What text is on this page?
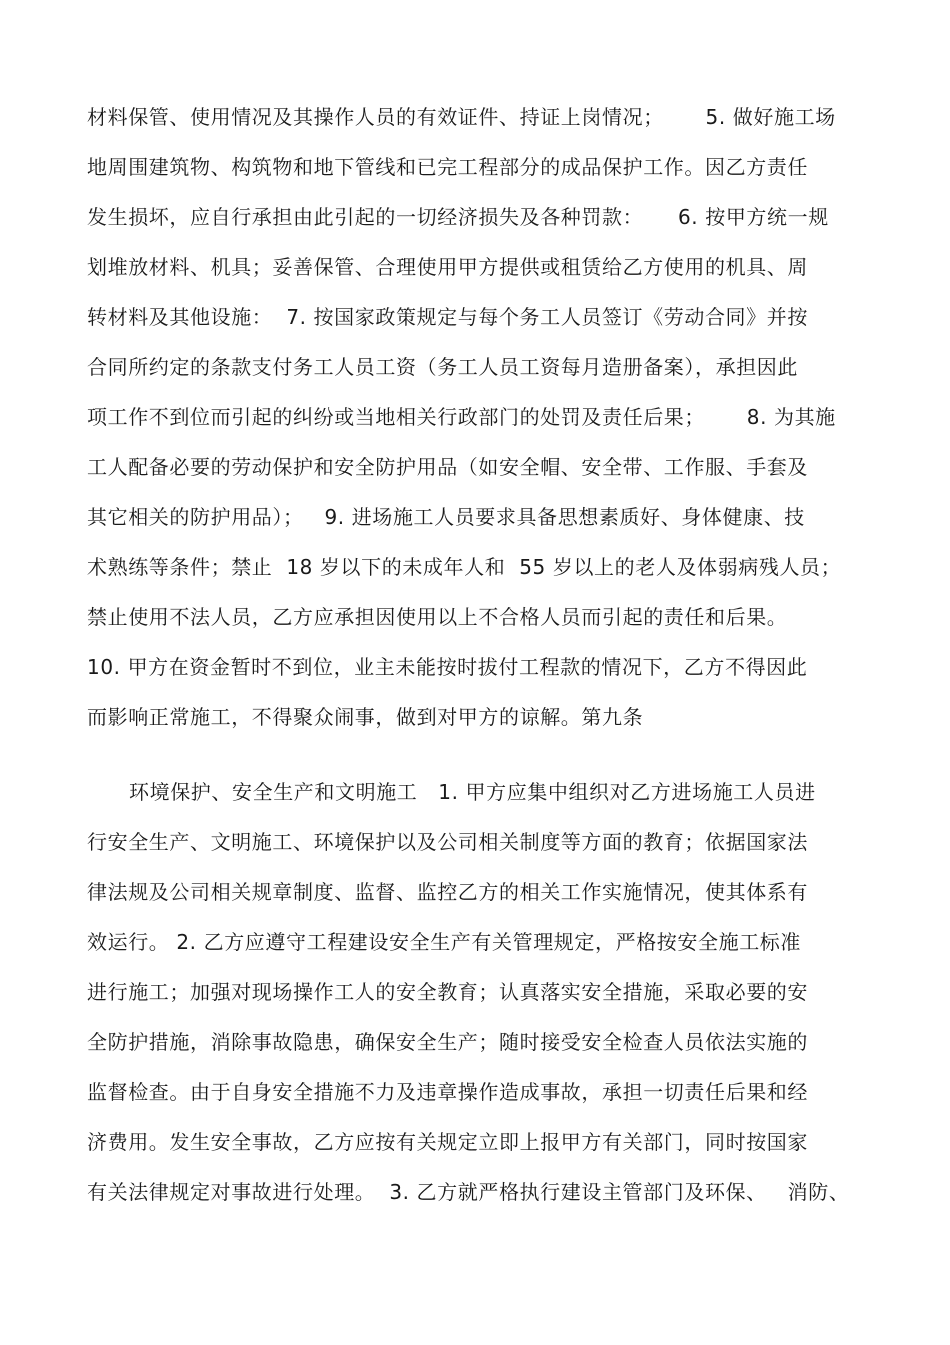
材料保管、使用情况及其操作人员的有效证件、持证上岗情况；      5. 做好施工场
地周围建筑物、构筑物和地下管线和已完工程部分的成品保护工作。因乙方责任
发生损坏，应自行承担由此引起的一切经济损失及各种罚款：     6. 按甲方统一规
划堆放材料、机具；妥善保管、合理使用甲方提供或租赁给乙方使用的机具、周
转材料及其他设施：  7. 按国家政策规定与每个务工人员签订《劳动合同》并按
合同所约定的条款支付务工人员工资（务工人员工资每月造册备案），承担因此
项工作不到位而引起的纠纷或当地相关行政部门的处罚及责任后果；      8. 为其施
工人配备必要的劳动保护和安全防护用品（如安全帽、安全带、工作服、手套及
其它相关的防护用品）；   9. 进场施工人员要求具备思想素质好、身体健康、技
术熟练等条件；禁止  18 岁以下的未成年人和  55 岁以上的老人及体弱病残人员；
禁止使用不法人员，乙方应承担因使用以上不合格人员而引起的责任和后果。
10. 甲方在资金暂时不到位，业主未能按时拔付工程款的情况下，乙方不得因此
而影响正常施工，不得聚众闹事，做到对甲方的谅解。第九条
环境保护、安全生产和文明施工   1. 甲方应集中组织对乙方进场施工人员进
行安全生产、文明施工、环境保护以及公司相关制度等方面的教育；依据国家法
律法规及公司相关规章制度、监督、监控乙方的相关工作实施情况，使其体系有
效运行。 2. 乙方应遵守工程建设安全生产有关管理规定，严格按安全施工标准
进行施工；加强对现场操作工人的安全教育；认真落实安全措施，采取必要的安
全防护措施，消除事故隐患，确保安全生产；随时接受安全检查人员依法实施的
监督检查。由于自身安全措施不力及违章操作造成事故，承担一切责任后果和经
济费用。发生安全事故，乙方应按有关规定立即上报甲方有关部门，同时按国家
有关法律规定对事故进行处理。  3. 乙方就严格执行建设主管部门及环保、   消防、
